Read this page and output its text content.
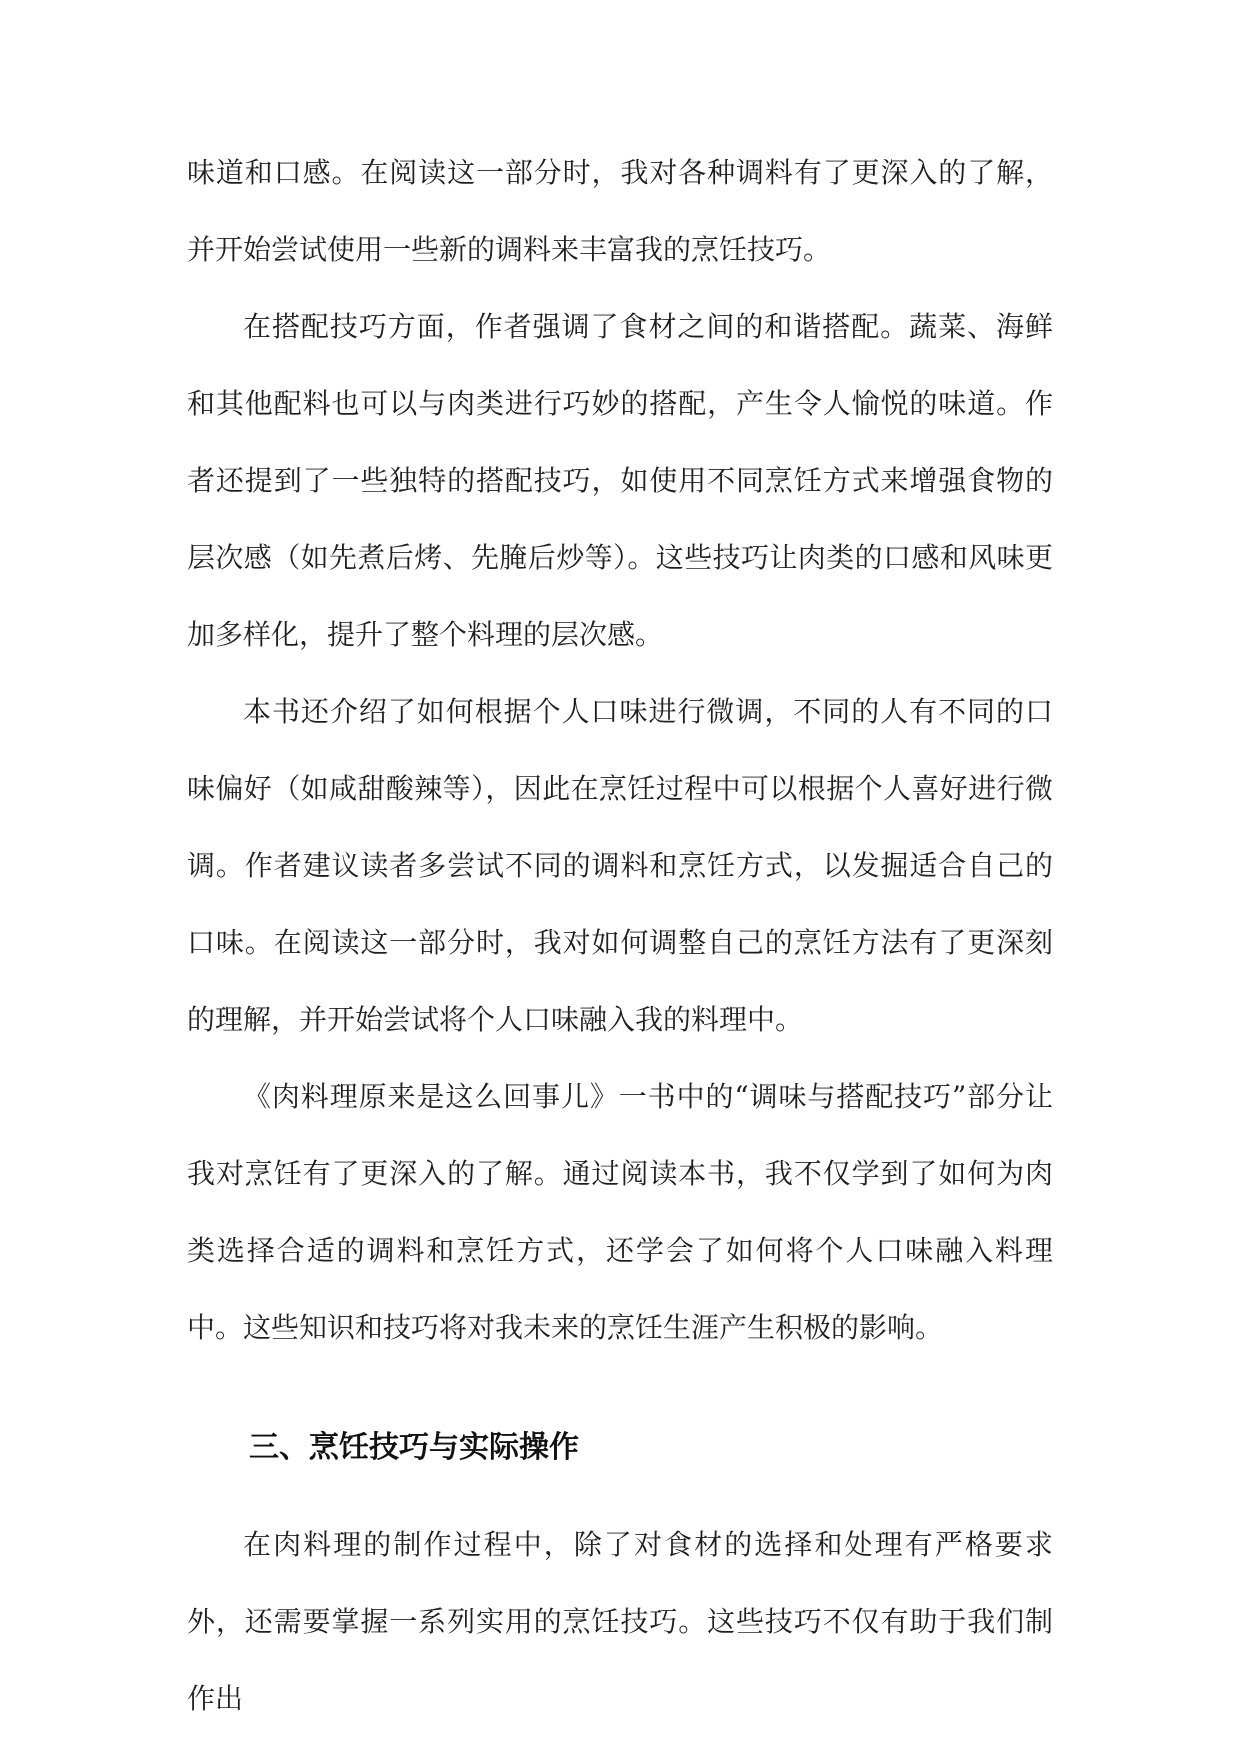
味道和口感。在阅读这一部分时，我对各种调料有了更深入的了解，并开始尝试使用一些新的调料来丰富我的烹饪技巧。

在搭配技巧方面，作者强调了食材之间的和谐搭配。蔬菜、海鲜和其他配料也可以与肉类进行巧妙的搭配，产生令人愉悦的味道。作者还提到了一些独特的搭配技巧，如使用不同烹饪方式来增强食物的层次感（如先煮后烤、先腌后炒等）。这些技巧让肉类的口感和风味更加多样化，提升了整个料理的层次感。

本书还介绍了如何根据个人口味进行微调，不同的人有不同的口味偏好（如咸甜酸辣等），因此在烹饪过程中可以根据个人喜好进行微调。作者建议读者多尝试不同的调料和烹饪方式，以发掘适合自己的口味。在阅读这一部分时，我对如何调整自己的烹饪方法有了更深刻的理解，并开始尝试将个人口味融入我的料理中。

《肉料理原来是这么回事儿》一书中的“调味与搭配技巧”部分让我对烹饪有了更深入的了解。通过阅读本书，我不仅学到了如何为肉类选择合适的调料和烹饪方式，还学会了如何将个人口味融入料理中。这些知识和技巧将对我未来的烹饪生涯产生积极的影响。

三、烹饪技巧与实际操作

在肉料理的制作过程中，除了对食材的选择和处理有严格要求外，还需要掌握一系列实用的烹饪技巧。这些技巧不仅有助于我们制作出
